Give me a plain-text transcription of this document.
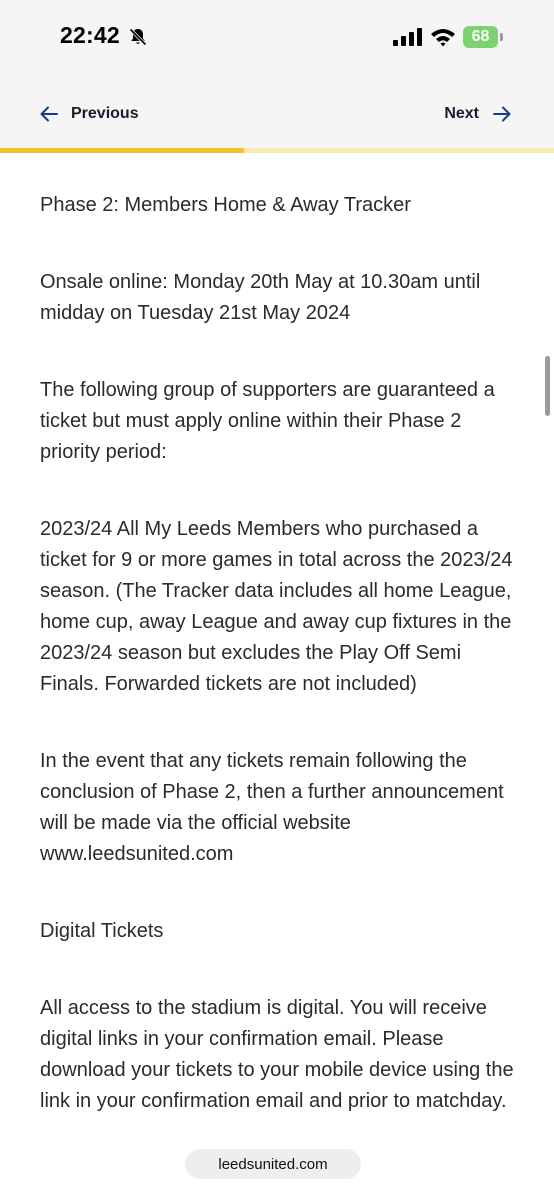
22:42	68
Previous	Next

Phase 2: Members Home & Away Tracker

Onsale online: Monday 20th May at 10.30am until midday on Tuesday 21st May 2024

The following group of supporters are guaranteed a ticket but must apply online within their Phase 2 priority period:

2023/24 All My Leeds Members who purchased a ticket for 9 or more games in total across the 2023/24 season. (The Tracker data includes all home League, home cup, away League and away cup fixtures in the 2023/24 season but excludes the Play Off Semi Finals. Forwarded tickets are not included)

In the event that any tickets remain following the conclusion of Phase 2, then a further announcement will be made via the official website www.leedsunited.com

Digital Tickets

All access to the stadium is digital. You will receive digital links in your confirmation email. Please download your tickets to your mobile device using the link in your confirmation email and prior to matchday.

leedsunited.com
